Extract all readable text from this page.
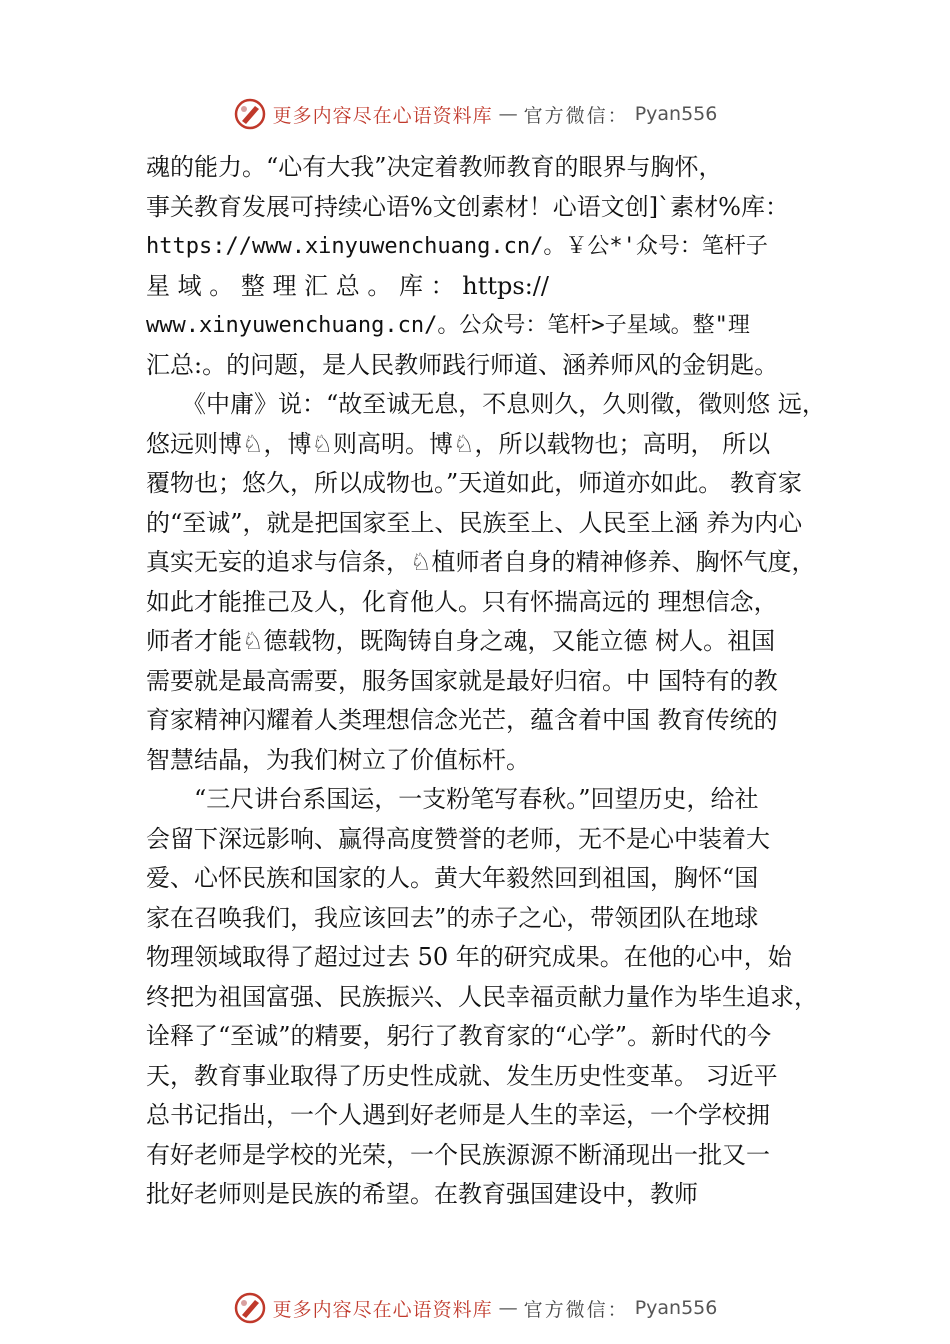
更多内容尽在心语资料库 — 官方微信： Pyan556
魂的能力。“心有大我”决定着教师教育的眼界与胸怀，
事关教育发展可持续心语%文创素材！心语文创]`素材%库：
https://www.xinyuwenchuang.cn/。￥公*'众号：笔杆子
星 域 。 整 理 汇 总 。 库 ： https://
www.xinyuwenchuang.cn/。公众号：笔杆>子星域。整"理
汇总:。的问题，是人民教师践行师道、涵养师风的金钥匙。
　　《中庸》说：“故至诚无息，不息则久，久则徵，徵则悠 远，
悠远则博♘，博♘则高明。博♘，所以载物也；高明， 所以
覆物也；悠久，所以成物也。”天道如此，师道亦如此。 教育家
的“至诚”，就是把国家至上、民族至上、人民至上涵 养为内心
真实无妄的追求与信条，♘植师者自身的精神修养、胸怀气度，
如此才能推己及人，化育他人。只有怀揣高远的 理想信念，
师者才能♘德载物，既陶铸自身之魂，又能立德 树人。祖国
需要就是最高需要，服务国家就是最好归宿。中 国特有的教
育家精神闪耀着人类理想信念光芒，蕴含着中国 教育传统的
智慧结晶，为我们树立了价值标杆。
　　“三尺讲台系国运，一支粉笔写春秋。”回望历史，给社
会留下深远影响、赢得高度赞誉的老师，无不是心中装着大
爱、心怀民族和国家的人。黄大年毅然回到祖国，胸怀“国
家在召唤我们，我应该回去”的赤子之心，带领团队在地球
物理领域取得了超过过去 50 年的研究成果。在他的心中，始
终把为祖国富强、民族振兴、人民幸福贡献力量作为毕生追求，
诠释了“至诚”的精要，躬行了教育家的“心学”。新时代的今
天，教育事业取得了历史性成就、发生历史性变革。 习近平
总书记指出，一个人遇到好老师是人生的幸运，一个学校拥
有好老师是学校的光荣，一个民族源源不断涌现出一批又一
批好老师则是民族的希望。在教育强国建设中，教师
更多内容尽在心语资料库 — 官方微信： Pyan556
